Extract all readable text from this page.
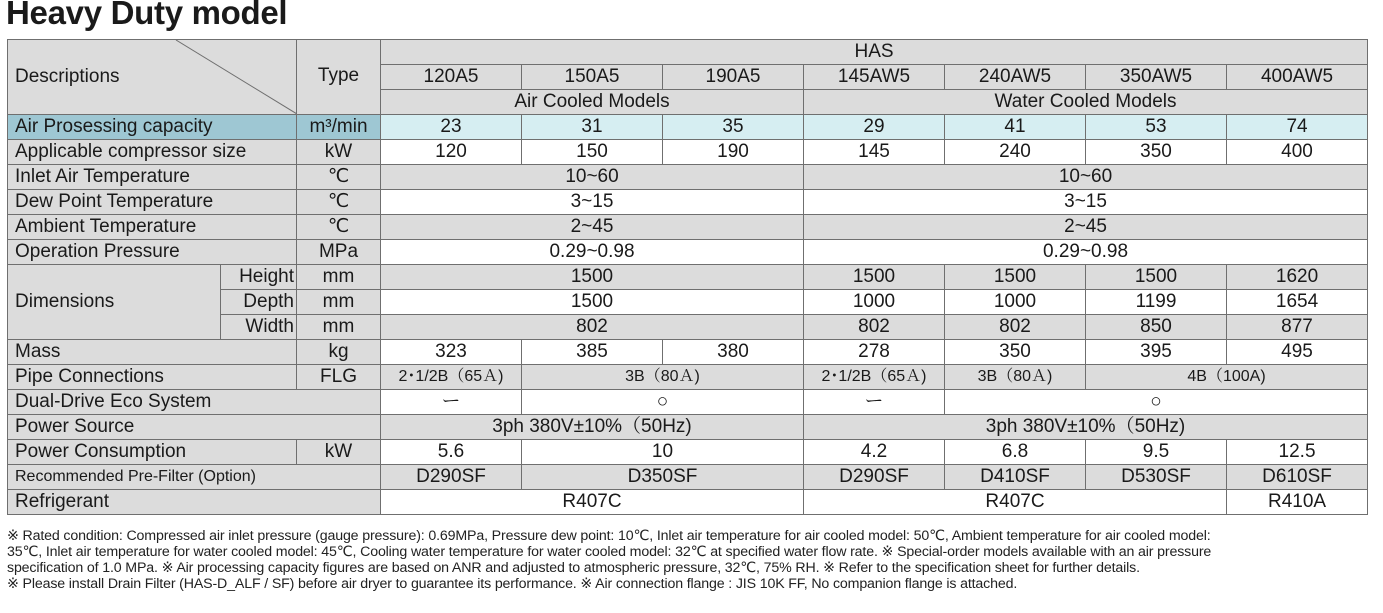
Heavy Duty model
Descriptions		Type	HAS						
			120A5	150A5	190A5	145AW5	240AW5	350AW5	400AW5
			Air Cooled Models			Water Cooled Models			
Air Prosessing capacity		m³/min	23	31	35	29	41	53	74
Applicable compressor size		kW	120	150	190	145	240	350	400
Inlet Air Temperature		℃	10~60			10~60			
Dew Point Temperature		℃	3~15			3~15			
Ambient Temperature		℃	2~45			2~45			
Operation Pressure		MPa	0.29~0.98			0.29~0.98			
Dimensions	Height	mm	1500			1500	1500	1500	1620
	Depth	mm	1500			1000	1000	1199	1654
	Width	mm	802			802	802	850	877
Mass		kg	323	385	380	278	350	395	495
Pipe Connections		FLG	2･1/2B（65Ａ)	3B（80Ａ)		2･1/2B（65Ａ)	3B（80Ａ)	4B（100A)	
Dual-Drive Eco System			ー	○		ー	○		
Power Source			3ph 380V±10%（50Hz)			3ph 380V±10%（50Hz)			
Power Consumption		kW	5.6	10		4.2	6.8	9.5	12.5
Recommended Pre-Filter (Option)			D290SF	D350SF		D290SF	D410SF	D530SF	D610SF
Refrigerant			R407C			R407C			R410A
※ Rated condition: Compressed air inlet pressure (gauge pressure): 0.69MPa, Pressure dew point: 10℃, Inlet air temperature for air cooled model: 50℃, Ambient temperature for air cooled model:
35℃, Inlet air temperature for water cooled model: 45℃, Cooling water temperature for water cooled model: 32℃ at specified water flow rate. ※ Special-order models available with an air pressure
specification of 1.0 MPa. ※ Air processing capacity figures are based on ANR and adjusted to atmospheric pressure, 32℃, 75% RH. ※ Refer to the specification sheet for further details.
※ Please install Drain Filter (HAS-D_ALF / SF) before air dryer to guarantee its performance. ※ Air connection flange : JIS 10K FF, No companion flange is attached.
